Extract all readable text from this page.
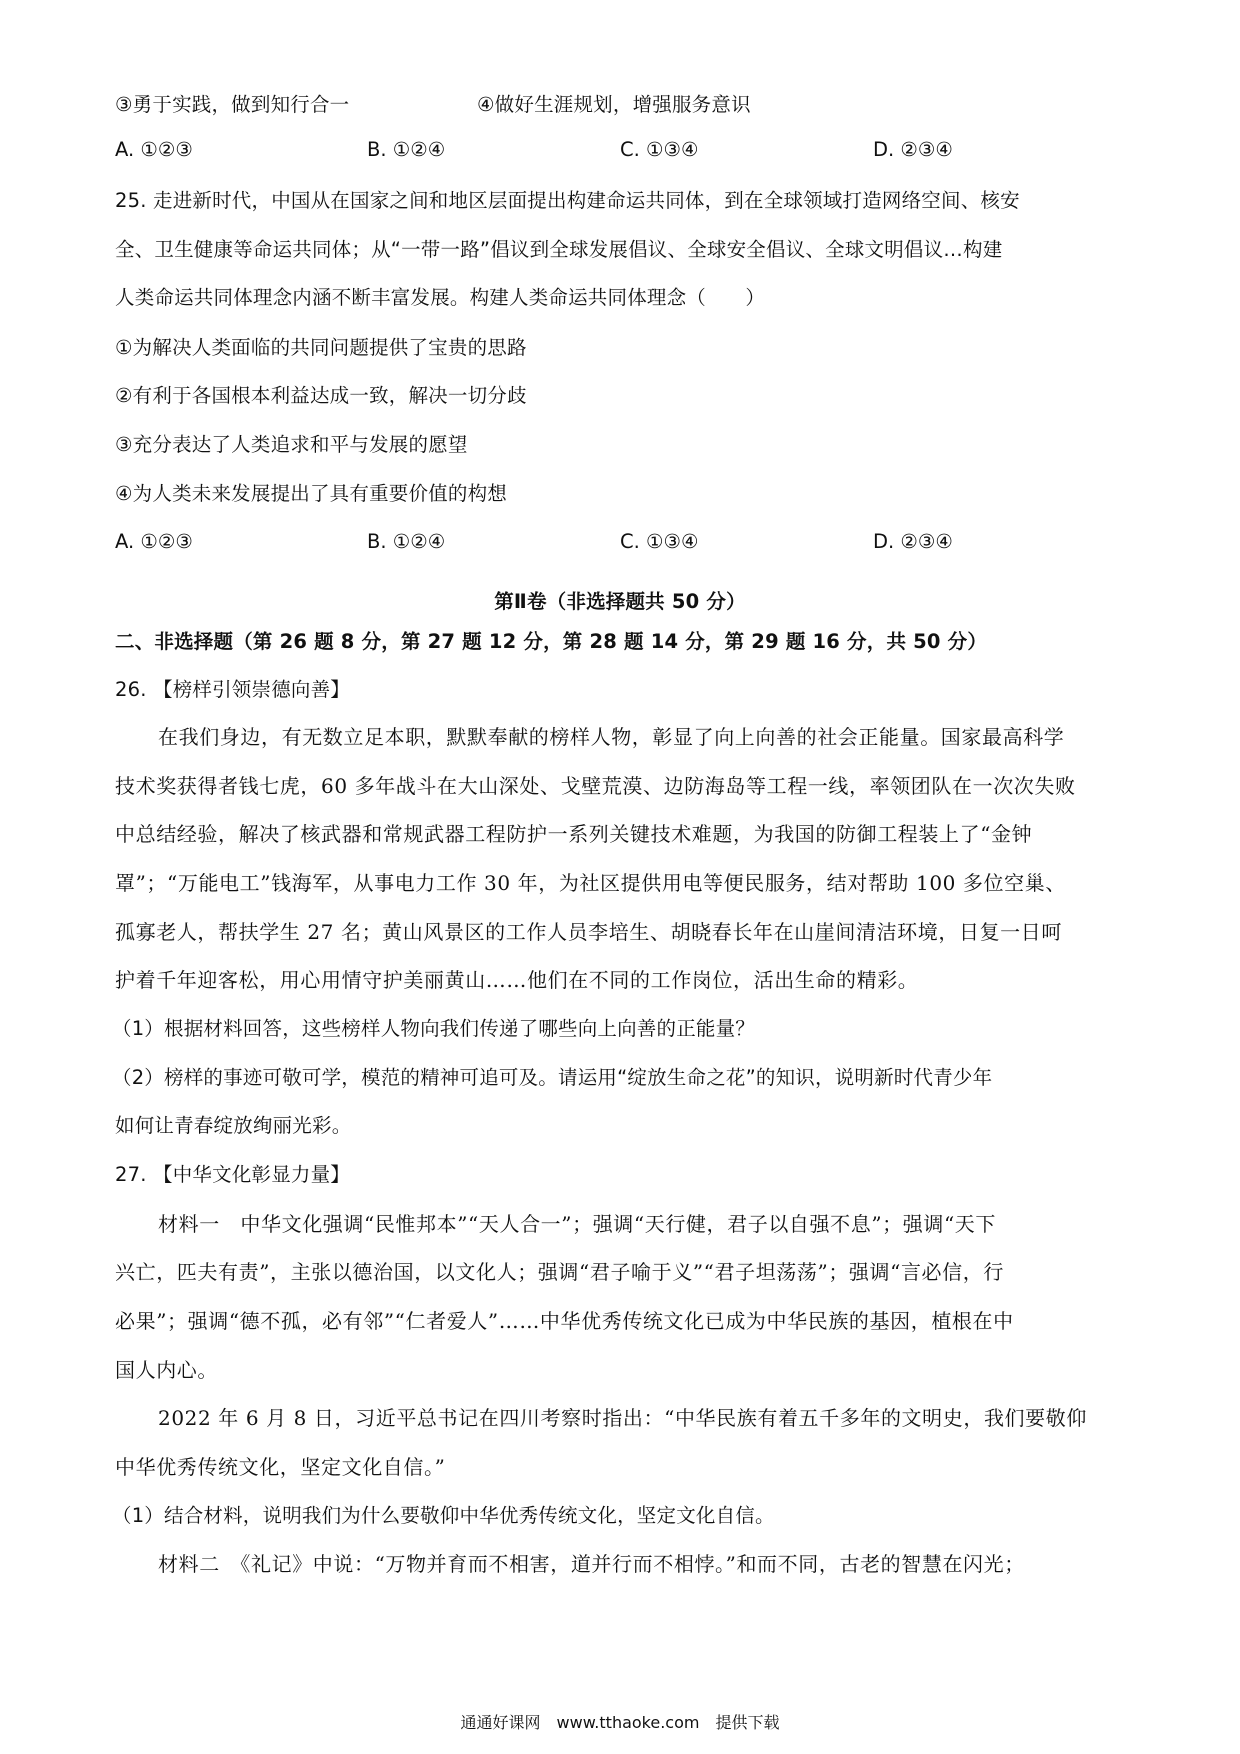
③勇于实践，做到知行合一	④做好生涯规划，增强服务意识
A. ①②③	B. ①②④	C. ①③④	D. ②③④
25. 走进新时代，中国从在国家之间和地区层面提出构建命运共同体，到在全球领域打造网络空间、核安
全、卫生健康等命运共同体；从“一带一路”倡议到全球发展倡议、全球安全倡议、全球文明倡议…构建
人类命运共同体理念内涵不断丰富发展。构建人类命运共同体理念（　　）
①为解决人类面临的共同问题提供了宝贵的思路
②有利于各国根本利益达成一致，解决一切分歧
③充分表达了人类追求和平与发展的愿望
④为人类未来发展提出了具有重要价值的构想
A. ①②③	B. ①②④	C. ①③④	D. ②③④
第Ⅱ卷（非选择题共 50 分）
二、非选择题（第 26 题 8 分，第 27 题 12 分，第 28 题 14 分，第 29 题 16 分，共 50 分）
26. 【榜样引领崇德向善】
在我们身边，有无数立足本职，默默奉献的榜样人物，彰显了向上向善的社会正能量。国家最高科学
技术奖获得者钱七虎，60 多年战斗在大山深处、戈壁荒漠、边防海岛等工程一线，率领团队在一次次失败
中总结经验，解决了核武器和常规武器工程防护一系列关键技术难题，为我国的防御工程装上了“金钟
罩”；“万能电工”钱海军，从事电力工作 30 年，为社区提供用电等便民服务，结对帮助 100 多位空巢、
孤寡老人，帮扶学生 27 名；黄山风景区的工作人员李培生、胡晓春长年在山崖间清洁环境，日复一日呵
护着千年迎客松，用心用情守护美丽黄山……他们在不同的工作岗位，活出生命的精彩。
（1）根据材料回答，这些榜样人物向我们传递了哪些向上向善的正能量？
（2）榜样的事迹可敬可学，模范的精神可追可及。请运用“绽放生命之花”的知识，说明新时代青少年
如何让青春绽放绚丽光彩。
27. 【中华文化彰显力量】
材料一　中华文化强调“民惟邦本”“天人合一”；强调“天行健，君子以自强不息”；强调“天下
兴亡，匹夫有责”，主张以德治国，以文化人；强调“君子喻于义”“君子坦荡荡”；强调“言必信，行
必果”；强调“德不孤，必有邻”“仁者爱人”……中华优秀传统文化已成为中华民族的基因，植根在中
国人内心。
2022 年 6 月 8 日，习近平总书记在四川考察时指出：“中华民族有着五千多年的文明史，我们要敬仰
中华优秀传统文化，坚定文化自信。”
（1）结合材料，说明我们为什么要敬仰中华优秀传统文化，坚定文化自信。
材料二　《礼记》中说：“万物并育而不相害，道并行而不相悖。”和而不同，古老的智慧在闪光；
通通好课网　www.tthaoke.com　提供下载
